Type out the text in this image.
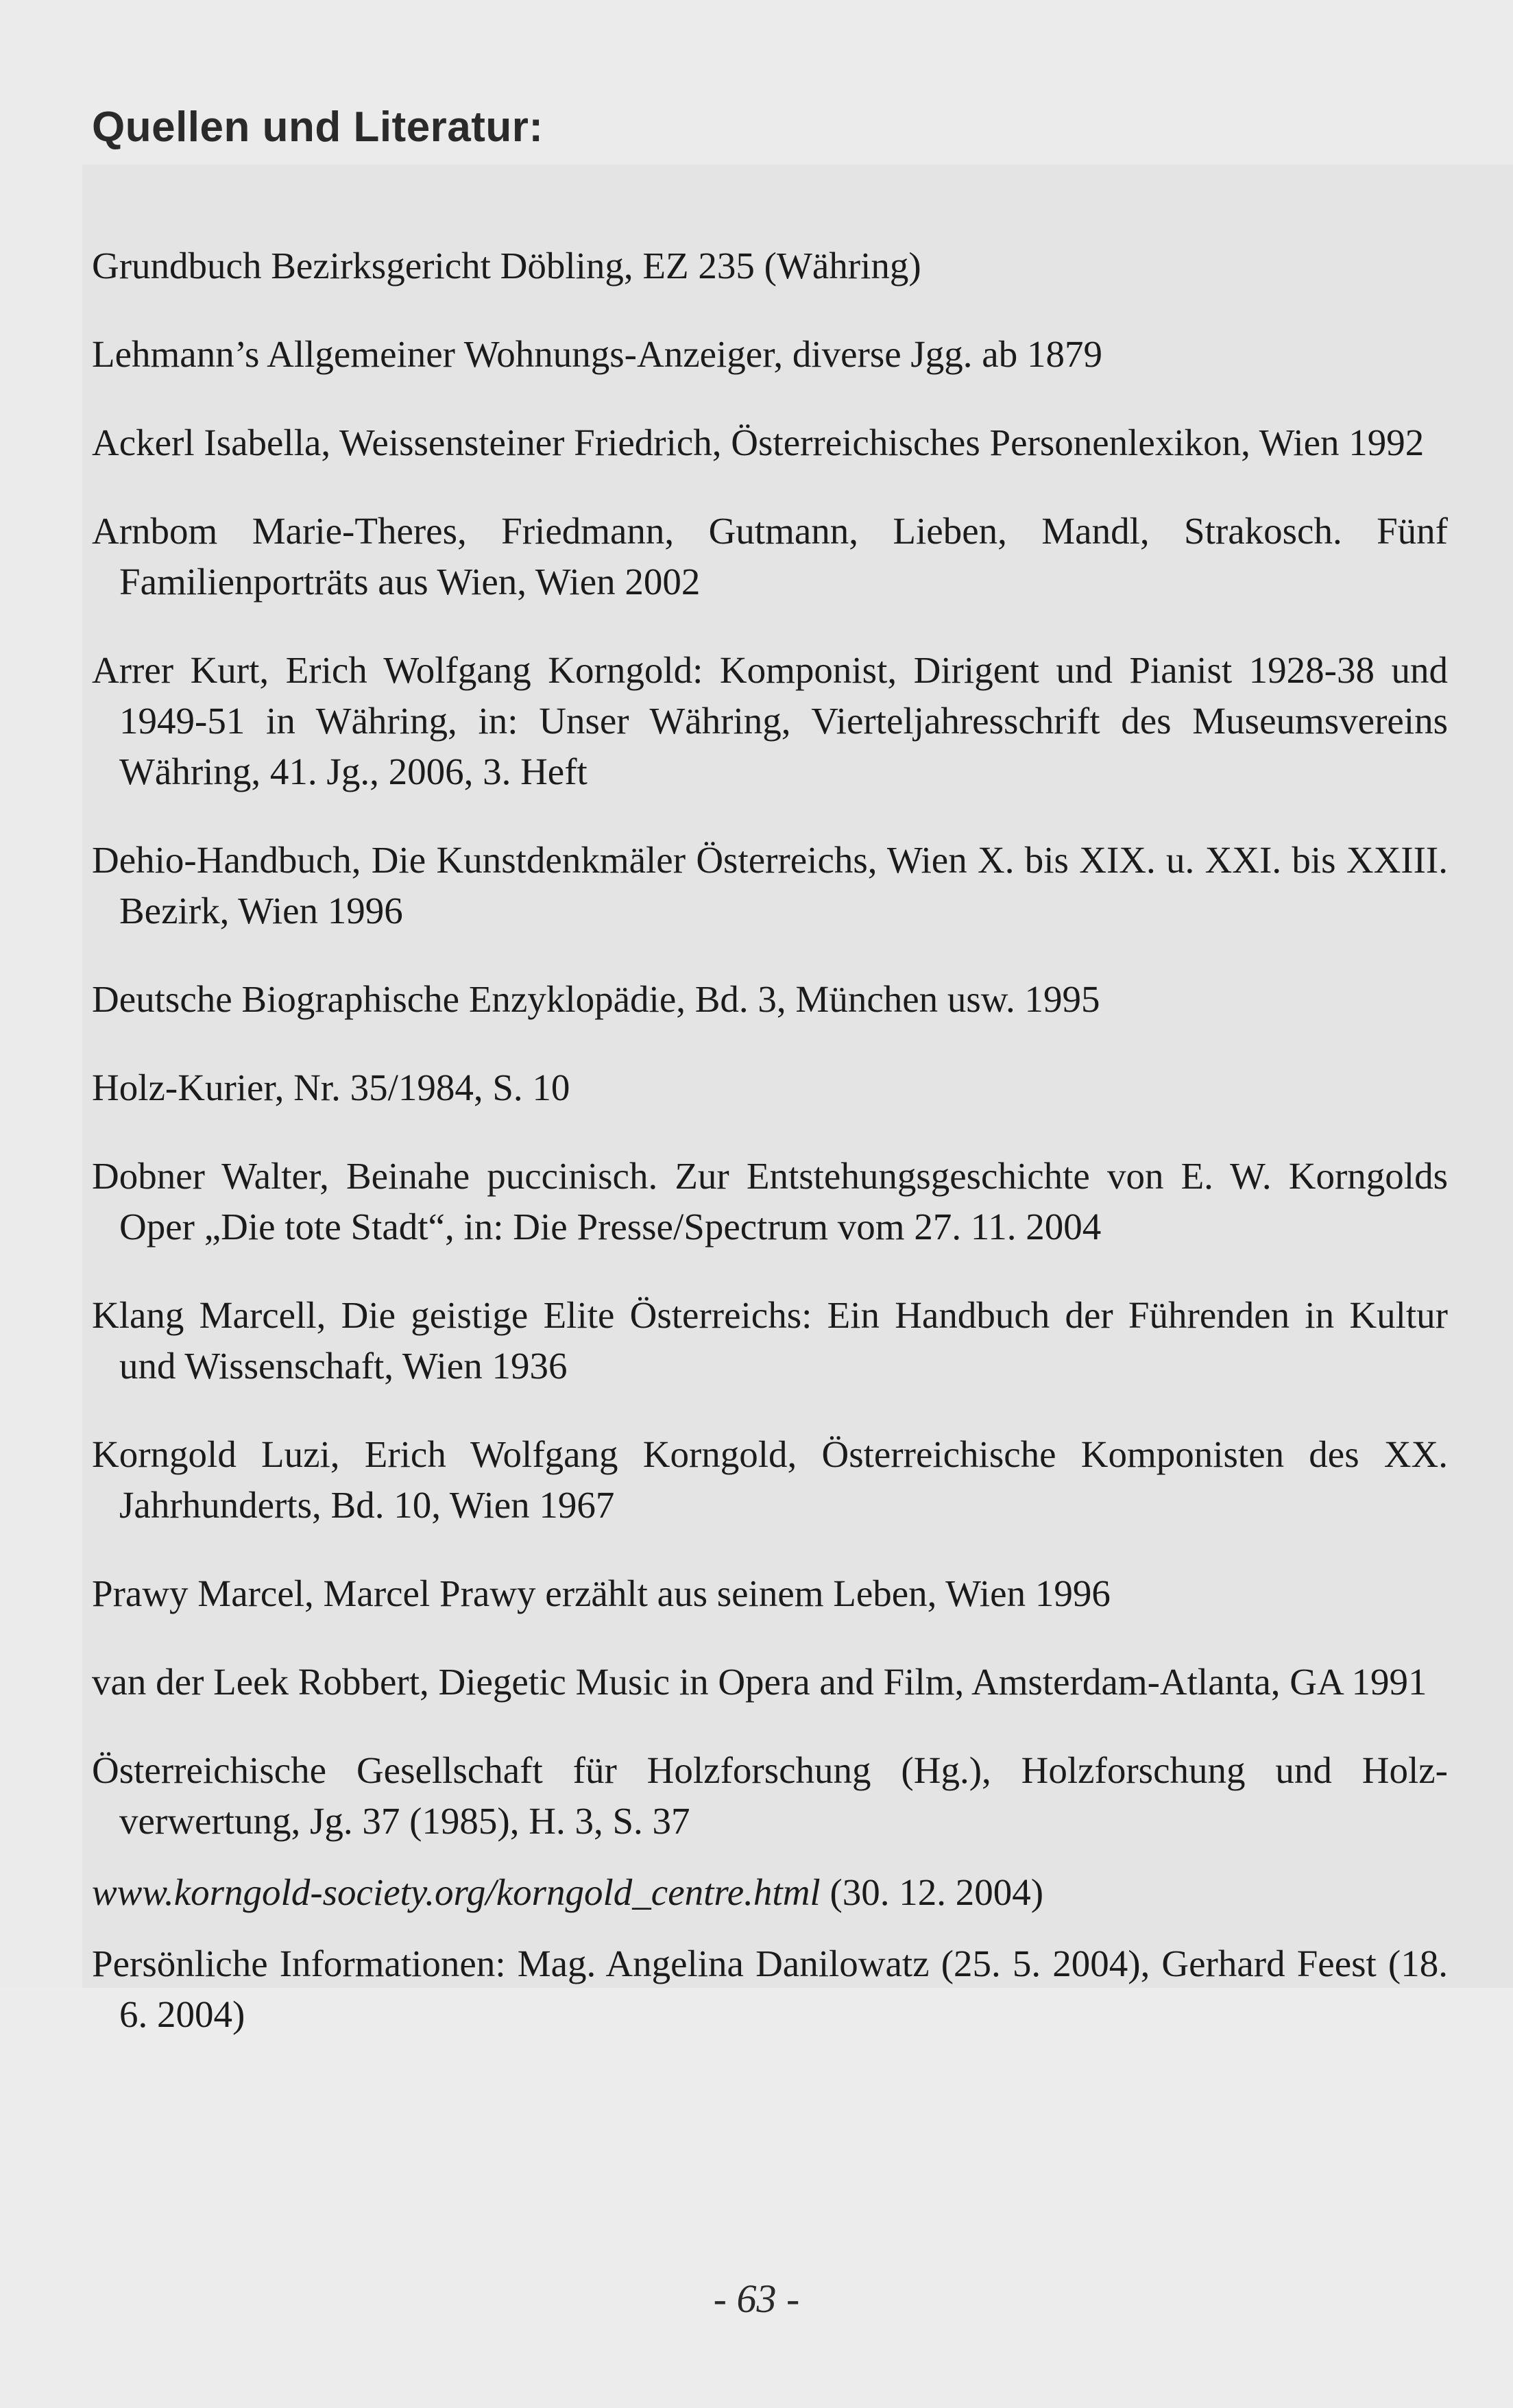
Quellen und Literatur:

Grundbuch Bezirksgericht Döbling, EZ 235 (Währing)

Lehmann’s Allgemeiner Wohnungs-Anzeiger, diverse Jgg. ab 1879

Ackerl Isabella, Weissensteiner Friedrich, Österreichisches Personenlexikon, Wien 1992

Arnbom Marie-Theres, Friedmann, Gutmann, Lieben, Mandl, Strakosch. Fünf Familienporträts aus Wien, Wien 2002

Arrer Kurt, Erich Wolfgang Korngold: Komponist, Dirigent und Pianist 1928-38 und 1949-51 in Währing, in: Unser Währing, Vierteljahresschrift des Museumsvereins Währing, 41. Jg., 2006, 3. Heft

Dehio-Handbuch, Die Kunstdenkmäler Österreichs, Wien X. bis XIX. u. XXI. bis XXIII. Bezirk, Wien 1996

Deutsche Biographische Enzyklopädie, Bd. 3, München usw. 1995

Holz-Kurier, Nr. 35/1984, S. 10

Dobner Walter, Beinahe puccinisch. Zur Entstehungsgeschichte von E. W. Korngolds Oper „Die tote Stadt“, in: Die Presse/Spectrum vom 27. 11. 2004

Klang Marcell, Die geistige Elite Österreichs: Ein Handbuch der Führenden in Kultur und Wissenschaft, Wien 1936

Korngold Luzi, Erich Wolfgang Korngold, Österreichische Komponisten des XX. Jahrhunderts, Bd. 10, Wien 1967

Prawy Marcel, Marcel Prawy erzählt aus seinem Leben, Wien 1996

van der Leek Robbert, Diegetic Music in Opera and Film, Amsterdam-Atlanta, GA 1991

Österreichische Gesellschaft für Holzforschung (Hg.), Holzforschung und Holzverwertung, Jg. 37 (1985), H. 3, S. 37

www.korngold-society.org/korngold_centre.html (30. 12. 2004)

Persönliche Informationen: Mag. Angelina Danilowatz (25. 5. 2004), Gerhard Feest (18. 6. 2004)

- 63 -
